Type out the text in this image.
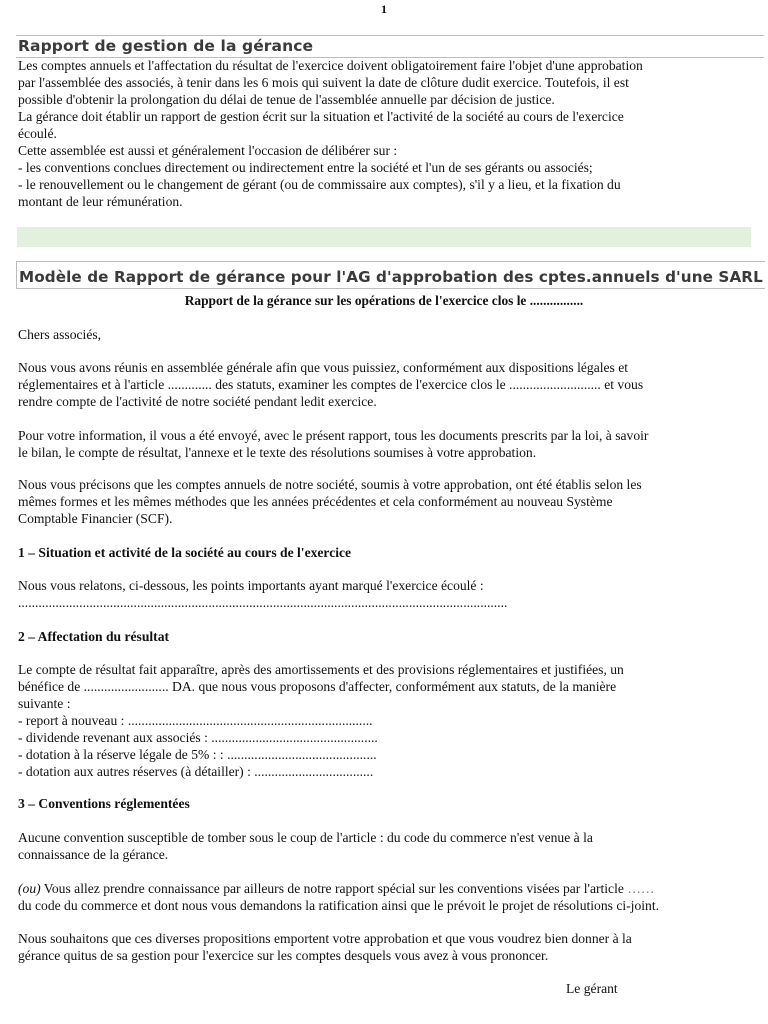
1
Rapport de gestion de la gérance

Les comptes annuels et l'affectation du résultat de l'exercice doivent obligatoirement faire l'objet d'une approbation

par l'assemblée des associés, à tenir dans les 6 mois qui suivent la date de clôture dudit exercice. Toutefois, il est

possible d'obtenir la prolongation du délai de tenue de l'assemblée annuelle par décision de justice.

La gérance doit établir un rapport de gestion écrit sur la situation et l'activité de la société au cours de l'exercice

écoulé.

Cette assemblée est aussi et généralement l'occasion de délibérer sur :

- les conventions conclues directement ou indirectement entre la société et l'un de ses gérants ou associés;

- le renouvellement ou le changement de gérant (ou de commissaire aux comptes), s'il y a lieu, et la fixation du

montant de leur rémunération.

Modèle de Rapport de gérance pour l'AG d'approbation des cptes.annuels d'une SARL
Rapport de la gérance sur les opérations de l'exercice clos le ................

Chers associés,

Nous vous avons réunis en assemblée générale afin que vous puissiez, conformément aux dispositions légales et

réglementaires et à l'article ............. des statuts, examiner les comptes de l'exercice clos le ........................... et vous

rendre compte de l'activité de notre société pendant ledit exercice.

Pour votre information, il vous a été envoyé, avec le présent rapport, tous les documents prescrits par la loi, à savoir

le bilan, le compte de résultat, l'annexe et le texte des résolutions soumises à votre approbation.

Nous vous précisons que les comptes annuels de notre société, soumis à votre approbation, ont été établis selon les

mêmes formes et les mêmes méthodes que les années précédentes et cela conformément au nouveau Système

Comptable Financier (SCF).

1 – Situation et activité de la société au cours de l'exercice

Nous vous relatons, ci-dessous, les points importants ayant marqué l'exercice écoulé :

................................................................................................................................................

2 – Affectation du résultat

Le compte de résultat fait apparaître, après des amortissements et des provisions réglementaires et justifiées, un

bénéfice de ......................... DA. que nous vous proposons d'affecter, conformément aux statuts, de la manière

suivante :

- report à nouveau : ........................................................................

- dividende revenant aux associés : .................................................

- dotation à la réserve légale de 5% : : ............................................

- dotation aux autres réserves (à détailler) : ...................................

3 – Conventions réglementées

Aucune convention susceptible de tomber sous le coup de l'article : du code du commerce n'est venue à la

connaissance de la gérance.

(ou) Vous allez prendre connaissance par ailleurs de notre rapport spécial sur les conventions visées par l'article ……

du code du commerce et dont nous vous demandons la ratification ainsi que le prévoit le projet de résolutions ci-joint.

Nous souhaitons que ces diverses propositions emportent votre approbation et que vous voudrez bien donner à la

gérance quitus de sa gestion pour l'exercice sur les comptes desquels vous avez à vous prononcer.

Le gérant
